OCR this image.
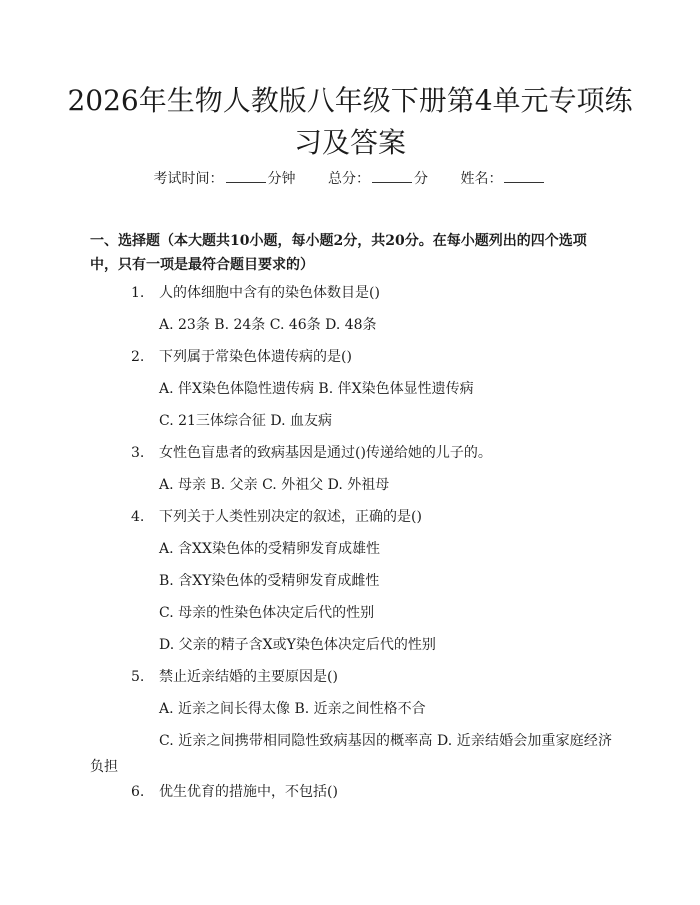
2026年生物人教版八年级下册第4单元专项练习及答案
考试时间：	分钟 总分：	分 姓名：

一、选择题（本大题共10小题，每小题2分，共20分。在每小题列出的四个选项中，只有一项是最符合题目要求的）

1. 人的体细胞中含有的染色体数目是()
A. 23条 B. 24条 C. 46条 D. 48条
2. 下列属于常染色体遗传病的是()
A. 伴X染色体隐性遗传病 B. 伴X染色体显性遗传病
C. 21三体综合征 D. 血友病
3. 女性色盲患者的致病基因是通过()传递给她的儿子的。
A. 母亲 B. 父亲 C. 外祖父 D. 外祖母
4. 下列关于人类性别决定的叙述，正确的是()
A. 含XX染色体的受精卵发育成雄性
B. 含XY染色体的受精卵发育成雌性
C. 母亲的性染色体决定后代的性别
D. 父亲的精子含X或Y染色体决定后代的性别
5. 禁止近亲结婚的主要原因是()
A. 近亲之间长得太像 B. 近亲之间性格不合
C. 近亲之间携带相同隐性致病基因的概率高 D. 近亲结婚会加重家庭经济负担
6. 优生优育的措施中，不包括()
